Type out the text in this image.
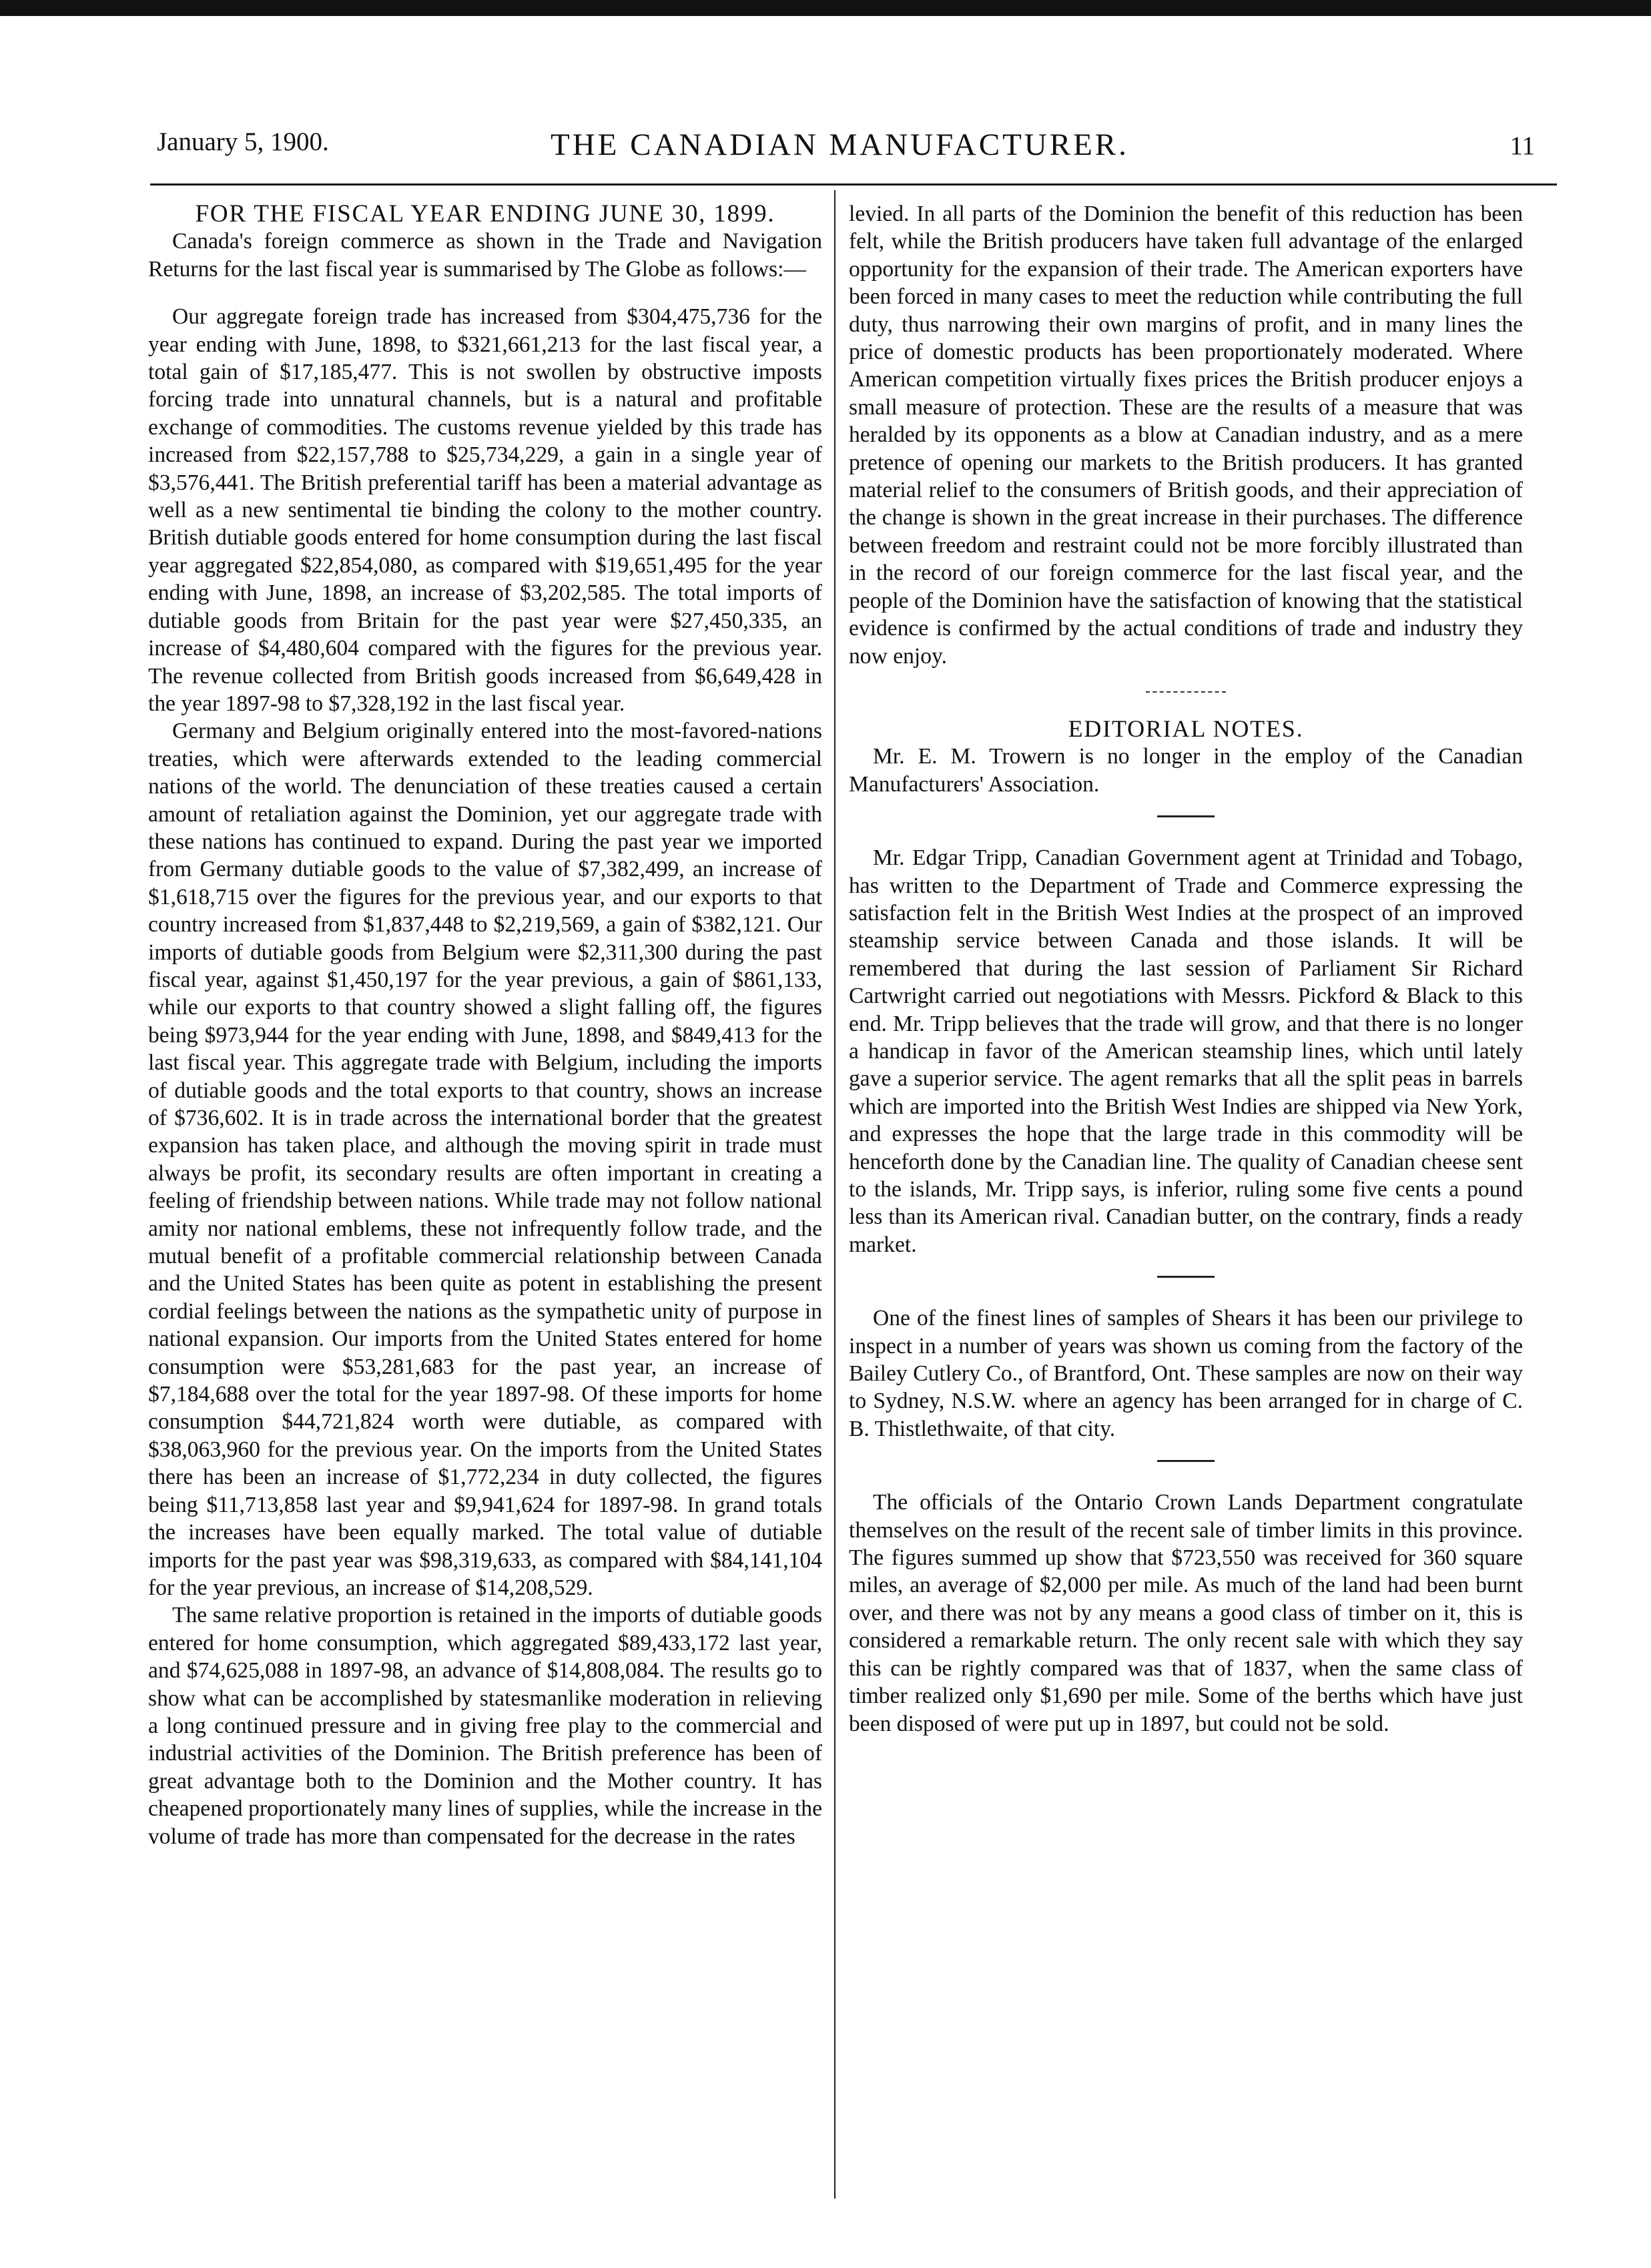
January 5, 1900.	THE CANADIAN MANUFACTURER.	11

FOR THE FISCAL YEAR ENDING JUNE 30, 1899.

Canada's foreign commerce as shown in the Trade and Navigation Returns for the last fiscal year is summarised by The Globe as follows:—

Our aggregate foreign trade has increased from $304,475,736 for the year ending with June, 1898, to $321,661,213 for the last fiscal year, a total gain of $17,185,477. This is not swollen by obstructive imposts forcing trade into unnatural channels, but is a natural and profitable exchange of commodities. The customs revenue yielded by this trade has increased from $22,157,788 to $25,734,229, a gain in a single year of $3,576,441. The British preferential tariff has been a material advantage as well as a new sentimental tie binding the colony to the mother country. British dutiable goods entered for home consumption during the last fiscal year aggregated $22,854,080, as compared with $19,651,495 for the year ending with June, 1898, an increase of $3,202,585. The total imports of dutiable goods from Britain for the past year were $27,450,335, an increase of $4,480,604 compared with the figures for the previous year. The revenue collected from British goods increased from $6,649,428 in the year 1897-98 to $7,328,192 in the last fiscal year.

Germany and Belgium originally entered into the most-favored-nations treaties, which were afterwards extended to the leading commercial nations of the world. The denunciation of these treaties caused a certain amount of retaliation against the Dominion, yet our aggregate trade with these nations has continued to expand. During the past year we imported from Germany dutiable goods to the value of $7,382,499, an increase of $1,618,715 over the figures for the previous year, and our exports to that country increased from $1,837,448 to $2,219,569, a gain of $382,121. Our imports of dutiable goods from Belgium were $2,311,300 during the past fiscal year, against $1,450,197 for the year previous, a gain of $861,133, while our exports to that country showed a slight falling off, the figures being $973,944 for the year ending with June, 1898, and $849,413 for the last fiscal year. This aggregate trade with Belgium, including the imports of dutiable goods and the total exports to that country, shows an increase of $736,602. It is in trade across the international border that the greatest expansion has taken place, and although the moving spirit in trade must always be profit, its secondary results are often important in creating a feeling of friendship between nations. While trade may not follow national amity nor national emblems, these not infrequently follow trade, and the mutual benefit of a profitable commercial relationship between Canada and the United States has been quite as potent in establishing the present cordial feelings between the nations as the sympathetic unity of purpose in national expansion. Our imports from the United States entered for home consumption were $53,281,683 for the past year, an increase of $7,184,688 over the total for the year 1897-98. Of these imports for home consumption $44,721,824 worth were dutiable, as compared with $38,063,960 for the previous year. On the imports from the United States there has been an increase of $1,772,234 in duty collected, the figures being $11,713,858 last year and $9,941,624 for 1897-98. In grand totals the increases have been equally marked. The total value of dutiable imports for the past year was $98,319,633, as compared with $84,141,104 for the year previous, an increase of $14,208,529.

The same relative proportion is retained in the imports of dutiable goods entered for home consumption, which aggregated $89,433,172 last year, and $74,625,088 in 1897-98, an advance of $14,808,084. The results go to show what can be accomplished by statesmanlike moderation in relieving a long continued pressure and in giving free play to the commercial and industrial activities of the Dominion. The British preference has been of great advantage both to the Dominion and the Mother country. It has cheapened proportionately many lines of supplies, while the increase in the volume of trade has more than compensated for the decrease in the rates

levied. In all parts of the Dominion the benefit of this reduction has been felt, while the British producers have taken full advantage of the enlarged opportunity for the expansion of their trade. The American exporters have been forced in many cases to meet the reduction while contributing the full duty, thus narrowing their own margins of profit, and in many lines the price of domestic products has been proportionately moderated. Where American competition virtually fixes prices the British producer enjoys a small measure of protection. These are the results of a measure that was heralded by its opponents as a blow at Canadian industry, and as a mere pretence of opening our markets to the British producers. It has granted material relief to the consumers of British goods, and their appreciation of the change is shown in the great increase in their purchases. The difference between freedom and restraint could not be more forcibly illustrated than in the record of our foreign commerce for the last fiscal year, and the people of the Dominion have the satisfaction of knowing that the statistical evidence is confirmed by the actual conditions of trade and industry they now enjoy.

EDITORIAL NOTES.

Mr. E. M. Trowern is no longer in the employ of the Canadian Manufacturers' Association.

Mr. Edgar Tripp, Canadian Government agent at Trinidad and Tobago, has written to the Department of Trade and Commerce expressing the satisfaction felt in the British West Indies at the prospect of an improved steamship service between Canada and those islands. It will be remembered that during the last session of Parliament Sir Richard Cartwright carried out negotiations with Messrs. Pickford & Black to this end. Mr. Tripp believes that the trade will grow, and that there is no longer a handicap in favor of the American steamship lines, which until lately gave a superior service. The agent remarks that all the split peas in barrels which are imported into the British West Indies are shipped via New York, and expresses the hope that the large trade in this commodity will be henceforth done by the Canadian line. The quality of Canadian cheese sent to the islands, Mr. Tripp says, is inferior, ruling some five cents a pound less than its American rival. Canadian butter, on the contrary, finds a ready market.

One of the finest lines of samples of Shears it has been our privilege to inspect in a number of years was shown us coming from the factory of the Bailey Cutlery Co., of Brantford, Ont. These samples are now on their way to Sydney, N.S.W. where an agency has been arranged for in charge of C. B. Thistlethwaite, of that city.

The officials of the Ontario Crown Lands Department congratulate themselves on the result of the recent sale of timber limits in this province. The figures summed up show that $723,550 was received for 360 square miles, an average of $2,000 per mile. As much of the land had been burnt over, and there was not by any means a good class of timber on it, this is considered a remarkable return. The only recent sale with which they say this can be rightly compared was that of 1837, when the same class of timber realized only $1,690 per mile. Some of the berths which have just been disposed of were put up in 1897, but could not be sold.
